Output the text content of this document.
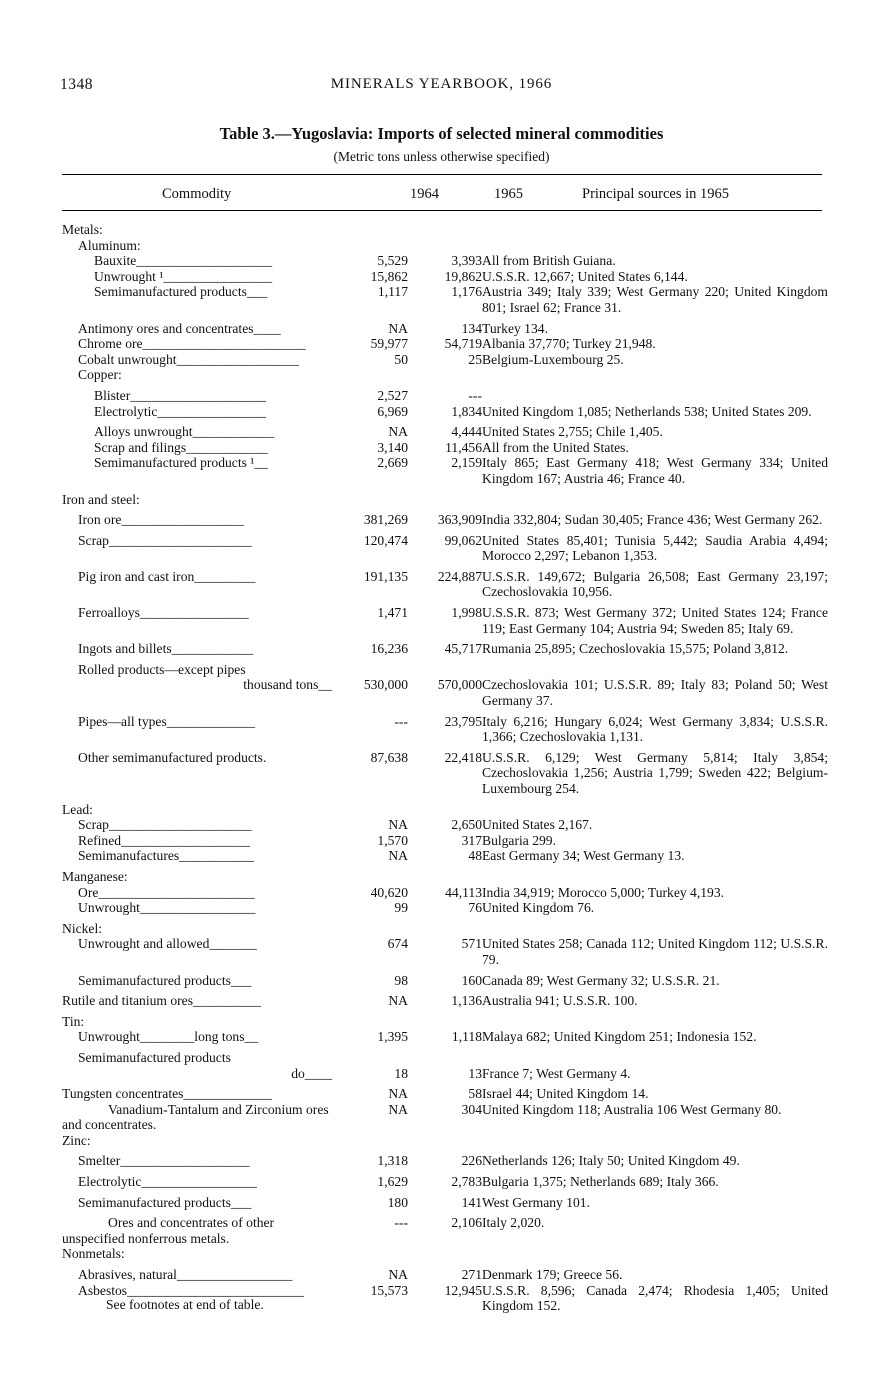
1348	MINERALS YEARBOOK, 1966
Table 3.—Yugoslavia: Imports of selected mineral commodities
(Metric tons unless otherwise specified)
Commodity	1964	1965	Principal sources in 1965
Metals:			

Aluminum:			
Bauxite____________________	5,529	3,393	All from British Guiana.
Unwrought ¹________________	15,862	19,862	U.S.S.R. 12,667; United States 6,144.
Semimanufactured products___	1,117	1,176	Austria 349; Italy 339; West Germany 220; United Kingdom 801; Israel 62; France 31.

Antimony ores and concentrates____	NA	134	Turkey 134.
Chrome ore________________________	59,977	54,719	Albania 37,770; Turkey 21,948.
Cobalt unwrought__________________	50	25	Belgium-Luxembourg 25.
Copper:			

Blister____________________	2,527	---	
Electrolytic________________	6,969	1,834	United Kingdom 1,085; Netherlands 538; United States 209.

Alloys unwrought____________	NA	4,444	United States 2,755; Chile 1,405.
Scrap and filings____________	3,140	11,456	All from the United States.
Semimanufactured products ¹__	2,669	2,159	Italy 865; East Germany 418; West Germany 334; United Kingdom 167; Austria 46; France 40.

Iron and steel:			

Iron ore__________________	381,269	363,909	India 332,804; Sudan 30,405; France 436; West Germany 262.

Scrap_____________________	120,474	99,062	United States 85,401; Tunisia 5,442; Saudia Arabia 4,494; Morocco 2,297; Lebanon 1,353.

Pig iron and cast iron_________	191,135	224,887	U.S.S.R. 149,672; Bulgaria 26,508; East Germany 23,197; Czechoslovakia 10,956.

Ferroalloys________________	1,471	1,998	U.S.S.R. 873; West Germany 372; United States 124; France 119; East Germany 104; Austria 94; Sweden 85; Italy 69.

Ingots and billets____________	16,236	45,717	Rumania 25,895; Czechoslovakia 15,575; Poland 3,812.

Rolled products—except pipes			

thousand tons__	530,000	570,000	Czechoslovakia 101; U.S.S.R. 89; Italy 83; Poland 50; West Germany 37.

Pipes—all types_____________	---	23,795	Italy 6,216; Hungary 6,024; West Germany 3,834; U.S.S.R. 1,366; Czechoslovakia 1,131.

Other semimanufactured products.	87,638	22,418	U.S.S.R. 6,129; West Germany 5,814; Italy 3,854; Czechoslovakia 1,256; Austria 1,799; Sweden 422; Belgium-Luxembourg 254.

Lead:			

Scrap_____________________	NA	2,650	United States 2,167.
Refined___________________	1,570	317	Bulgaria 299.
Semimanufactures___________	NA	48	East Germany 34; West Germany 13.

Manganese:			

Ore_______________________	40,620	44,113	India 34,919; Morocco 5,000; Turkey 4,193.
Unwrought_________________	99	76	United Kingdom 76.

Nickel:			

Unwrought and allowed_______	674	571	United States 258; Canada 112; United Kingdom 112; U.S.S.R. 79.

Semimanufactured products___	98	160	Canada 89; West Germany 32; U.S.S.R. 21.

Rutile and titanium ores__________	NA	1,136	Australia 941; U.S.S.R. 100.

Tin:			

Unwrought________long tons__	1,395	1,118	Malaya 682; United Kingdom 251; Indonesia 152.

Semimanufactured products			

do____	18	13	France 7; West Germany 4.

Tungsten concentrates_____________	NA	58	Israel 44; United Kingdom 14.
Vanadium-Tantalum and Zirconium ores and concentrates.	NA	304	United Kingdom 118; Australia 106 West Germany 80.

Zinc:			

Smelter___________________	1,318	226	Netherlands 126; Italy 50; United Kingdom 49.

Electrolytic_________________	1,629	2,783	Bulgaria 1,375; Netherlands 689; Italy 366.

Semimanufactured products___	180	141	West Germany 101.

Ores and concentrates of other unspecified nonferrous metals.	---	2,106	Italy 2,020.

Nonmetals:			

Abrasives, natural_________________	NA	271	Denmark 179; Greece 56.
Asbestos__________________________	15,573	12,945	U.S.S.R. 8,596; Canada 2,474; Rhodesia 1,405; United Kingdom 152.
See footnotes at end of table.
